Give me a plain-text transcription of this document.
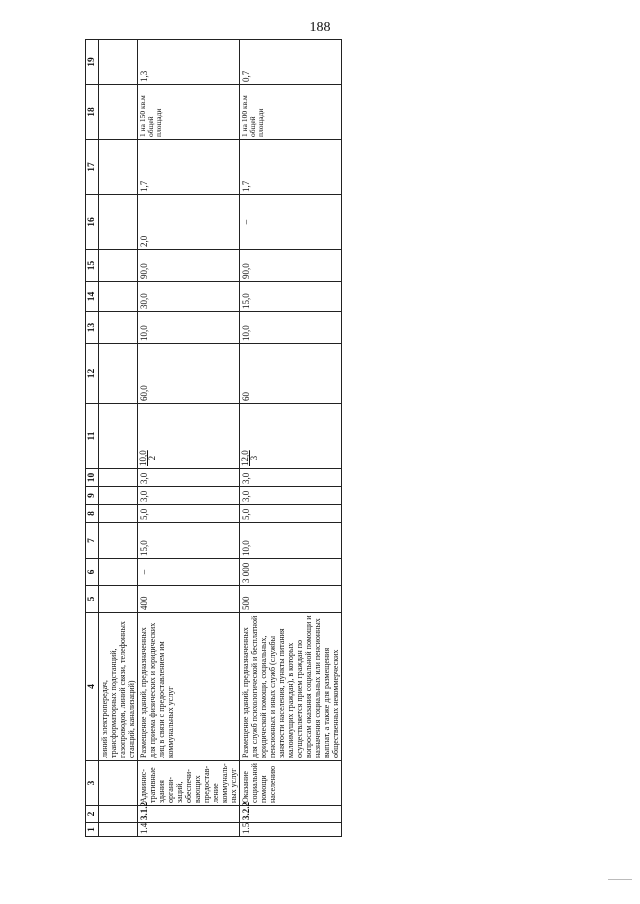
188
1	2	3	4	5	6	7	8	9	10	11	12	13	14	15	16	17	18	19
			линий электропередач, трансформаторных подстанций, газопроводов, линий связи, телефонных станций, канализаций)															
1.4	3.1.2	Админис-тративные здания органи-заций, обеспечи-вающих предостав-ление коммуналь-ных услуг	Размещение зданий, предназначенных для приема физических и юридических лиц в связи с предоставлением им коммунальных услуг	400	–	15,0	5,0	3,0	3,0	10,0 2	60,0	10,0	30,0	90,0	2,0	1,7	1 на 150 кв.м общей площади	1,3
1.5	3.2.2	Оказание социальной помощи населению	Размещение зданий, предназначенных для служб психологической и бесплатной юридической помощи, социальных, пенсионных и иных служб (службы занятости населения, пункты питания малоимущих граждан), в которых осуществляется прием граждан по вопросам оказания социальной помощи и назначения социальных или пенсионных выплат, а также для размещения общественных некоммерческих	500	3 000	10,0	5,0	3,0	3,0	12,0 3	60	10,0	15,0	90,0	–	1,7	1 на 100 кв.м общей площади	0,7
